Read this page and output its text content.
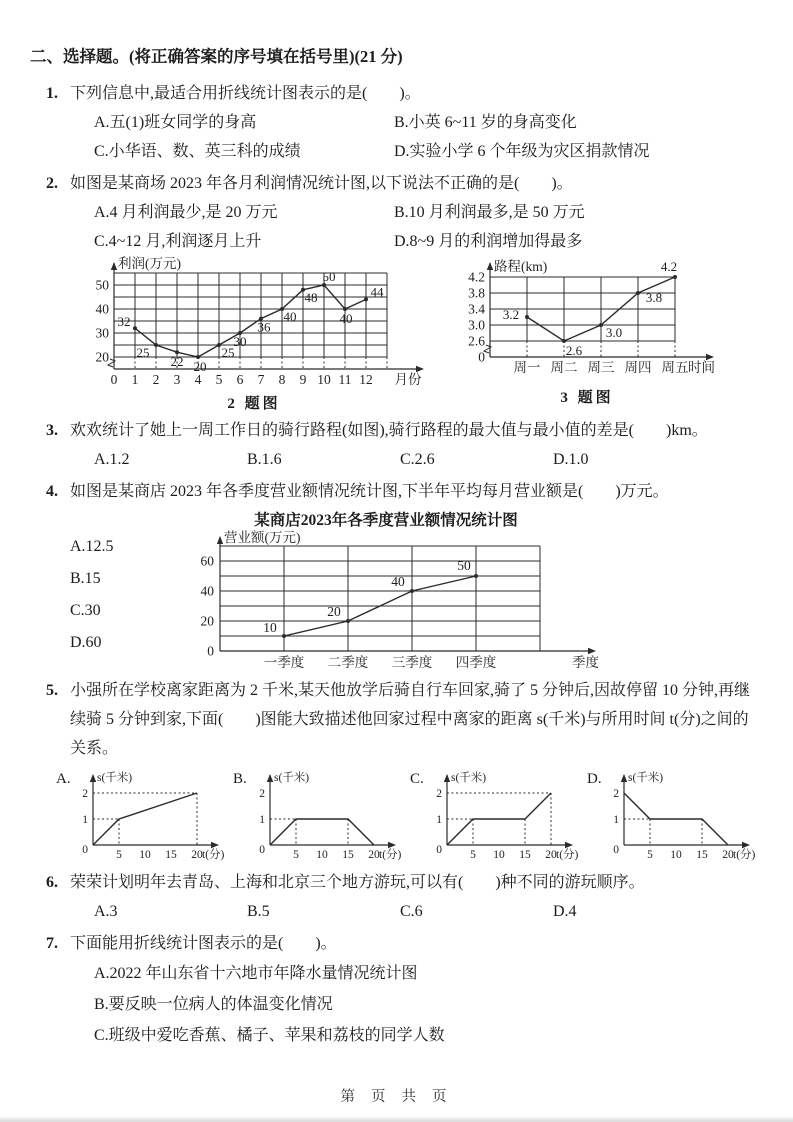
二、选择题。(将正确答案的序号填在括号里)(21 分)
1. 下列信息中,最适合用折线统计图表示的是(　　)。
A.五(1)班女同学的身高	B.小英 6~11 岁的身高变化
C.小华语、数、英三科的成绩	D.实验小学 6 个年级为灾区捐款情况
2. 如图是某商场 2023 年各月利润情况统计图,以下说法不正确的是(　　)。
A.4 月利润最少,是 20 万元	B.10 月利润最多,是 50 万元
C.4~12 月,利润逐月上升	D.8~9 月的利润增加得最多
20
30
40
50
0 1 2 3 4 5 6 7 8 9 10 11 12 月份
利润(万元)
32
25
22 20
25
30
36
40
48
50
40
44
2 题图
0
2.6
3.0
3.4
3.8
4.2
周一 周二 周三 周四 周五 时间
路程(km)
3.2
2.6
3.0
3.8
4.2
3 题图
3. 欢欢统计了她上一周工作日的骑行路程(如图),骑行路程的最大值与最小值的差是(　　)km。
A.1.2	B.1.6	C.2.6	D.1.0
4. 如图是某商店 2023 年各季度营业额情况统计图,下半年平均每月营业额是(　　)万元。
A.12.5
B.15
C.30
D.60
某商店2023年各季度营业额情况统计图
0
20
40
60
一季度 二季度 三季度 四季度	季度
营业额(万元)
10
20
40
50
5. 小强所在学校离家距离为 2 千米,某天他放学后骑自行车回家,骑了 5 分钟后,因故停留 10 分钟,再继续骑 5 分钟到家,下面(　　)图能大致描述他回家过程中离家的距离 s(千米)与所用时间 t(分)之间的关系。
A.
0
1
2
5 10 15 20 t(分)
s(千米)	B.
0
1
2
5 10 15 20 t(分)
s(千米)	C.
0
1
2
5 10 15 20 t(分)
s(千米)	D.
0
1
2
5 10 15 20 t(分)
s(千米)
6. 荣荣计划明年去青岛、上海和北京三个地方游玩,可以有(　　)种不同的游玩顺序。
A.3	B.5	C.6	D.4
7. 下面能用折线统计图表示的是(　　)。
A.2022 年山东省十六地市年降水量情况统计图
B.要反映一位病人的体温变化情况
C.班级中爱吃香蕉、橘子、苹果和荔枝的同学人数
第 页 共 页
